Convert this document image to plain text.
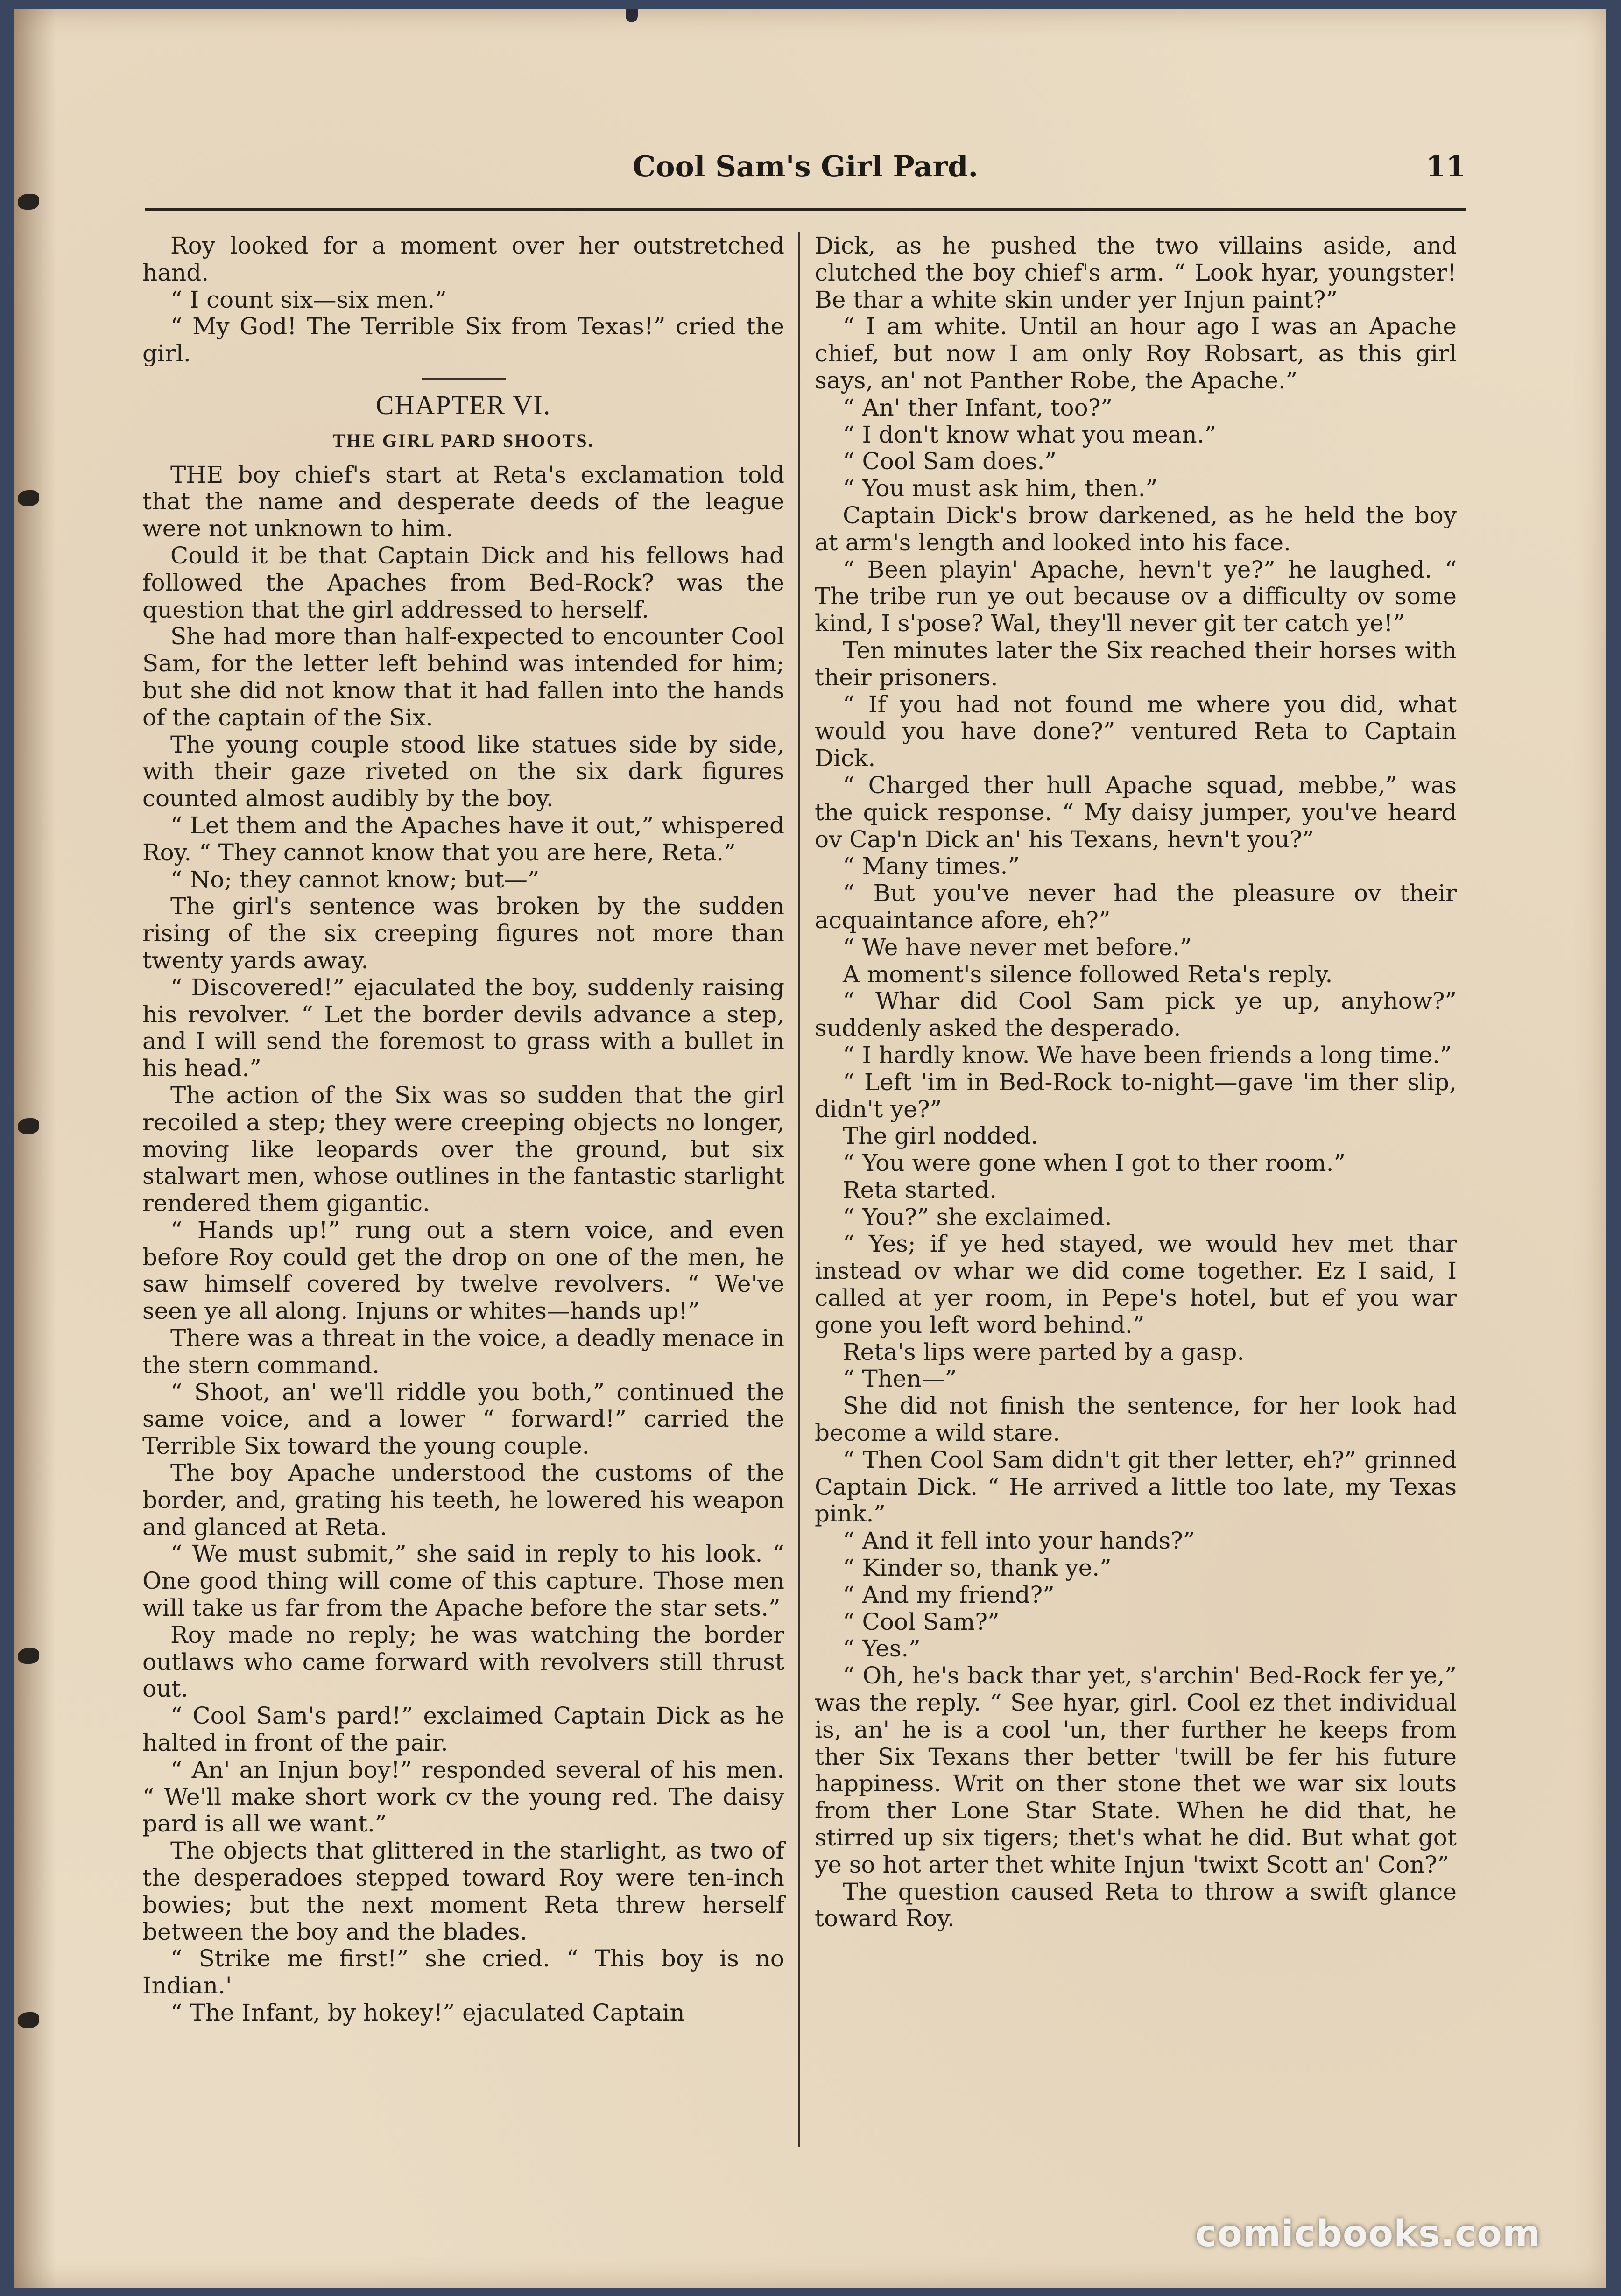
Cool Sam's Girl Pard.	11

Roy looked for a moment over her outstretched hand.

“ I count six—six men.”

“ My God! The Terrible Six from Texas!” cried the girl.

CHAPTER VI.
THE GIRL PARD SHOOTS.

THE boy chief's start at Reta's exclamation told that the name and desperate deeds of the league were not unknown to him.

Could it be that Captain Dick and his fellows had followed the Apaches from Bed-Rock? was the question that the girl addressed to herself.

She had more than half-expected to encounter Cool Sam, for the letter left behind was intended for him; but she did not know that it had fallen into the hands of the captain of the Six.

The young couple stood like statues side by side, with their gaze riveted on the six dark figures counted almost audibly by the boy.

“ Let them and the Apaches have it out,” whispered Roy. “ They cannot know that you are here, Reta.”

“ No; they cannot know; but—”

The girl's sentence was broken by the sudden rising of the six creeping figures not more than twenty yards away.

“ Discovered!” ejaculated the boy, suddenly raising his revolver. “ Let the border devils advance a step, and I will send the foremost to grass with a bullet in his head.”

The action of the Six was so sudden that the girl recoiled a step; they were creeping objects no longer, moving like leopards over the ground, but six stalwart men, whose outlines in the fantastic starlight rendered them gigantic.

“ Hands up!” rung out a stern voice, and even before Roy could get the drop on one of the men, he saw himself covered by twelve revolvers. “ We've seen ye all along. Injuns or whites—hands up!”

There was a threat in the voice, a deadly menace in the stern command.

“ Shoot, an' we'll riddle you both,” continued the same voice, and a lower “ forward!” carried the Terrible Six toward the young couple.

The boy Apache understood the customs of the border, and, grating his teeth, he lowered his weapon and glanced at Reta.

“ We must submit,” she said in reply to his look. “ One good thing will come of this capture. Those men will take us far from the Apache before the star sets.”

Roy made no reply; he was watching the border outlaws who came forward with revolvers still thrust out.

“ Cool Sam's pard!” exclaimed Captain Dick as he halted in front of the pair.

“ An' an Injun boy!” responded several of his men. “ We'll make short work cv the young red. The daisy pard is all we want.”

The objects that glittered in the starlight, as two of the desperadoes stepped toward Roy were ten-inch bowies; but the next moment Reta threw herself between the boy and the blades.

“ Strike me first!” she cried. “ This boy is no Indian.'

“ The Infant, by hokey!” ejaculated Captain

Dick, as he pushed the two villains aside, and clutched the boy chief's arm. “ Look hyar, youngster! Be thar a white skin under yer Injun paint?”

“ I am white. Until an hour ago I was an Apache chief, but now I am only Roy Robsart, as this girl says, an' not Panther Robe, the Apache.”

“ An' ther Infant, too?”

“ I don't know what you mean.”

“ Cool Sam does.”

“ You must ask him, then.”

Captain Dick's brow darkened, as he held the boy at arm's length and looked into his face.

“ Been playin' Apache, hevn't ye?” he laughed. “ The tribe run ye out because ov a difficulty ov some kind, I s'pose? Wal, they'll never git ter catch ye!”

Ten minutes later the Six reached their horses with their prisoners.

“ If you had not found me where you did, what would you have done?” ventured Reta to Captain Dick.

“ Charged ther hull Apache squad, mebbe,” was the quick response. “ My daisy jumper, you've heard ov Cap'n Dick an' his Texans, hevn't you?”

“ Many times.”

“ But you've never had the pleasure ov their acquaintance afore, eh?”

“ We have never met before.”

A moment's silence followed Reta's reply.

“ Whar did Cool Sam pick ye up, anyhow?” suddenly asked the desperado.

“ I hardly know. We have been friends a long time.”

“ Left 'im in Bed-Rock to-night—gave 'im ther slip, didn't ye?”

The girl nodded.

“ You were gone when I got to ther room.”

Reta started.

“ You?” she exclaimed.

“ Yes; if ye hed stayed, we would hev met thar instead ov whar we did come together. Ez I said, I called at yer room, in Pepe's hotel, but ef you war gone you left word behind.”

Reta's lips were parted by a gasp.

“ Then—”

She did not finish the sentence, for her look had become a wild stare.

“ Then Cool Sam didn't git ther letter, eh?” grinned Captain Dick. “ He arrived a little too late, my Texas pink.”

“ And it fell into your hands?”

“ Kinder so, thank ye.”

“ And my friend?”

“ Cool Sam?”

“ Yes.”

“ Oh, he's back thar yet, s'archin' Bed-Rock fer ye,” was the reply. “ See hyar, girl. Cool ez thet individual is, an' he is a cool 'un, ther further he keeps from ther Six Texans ther better 'twill be fer his future happiness. Writ on ther stone thet we war six louts from ther Lone Star State. When he did that, he stirred up six tigers; thet's what he did. But what got ye so hot arter thet white Injun 'twixt Scott an' Con?”

The question caused Reta to throw a swift glance toward Roy.

comicbooks.com
